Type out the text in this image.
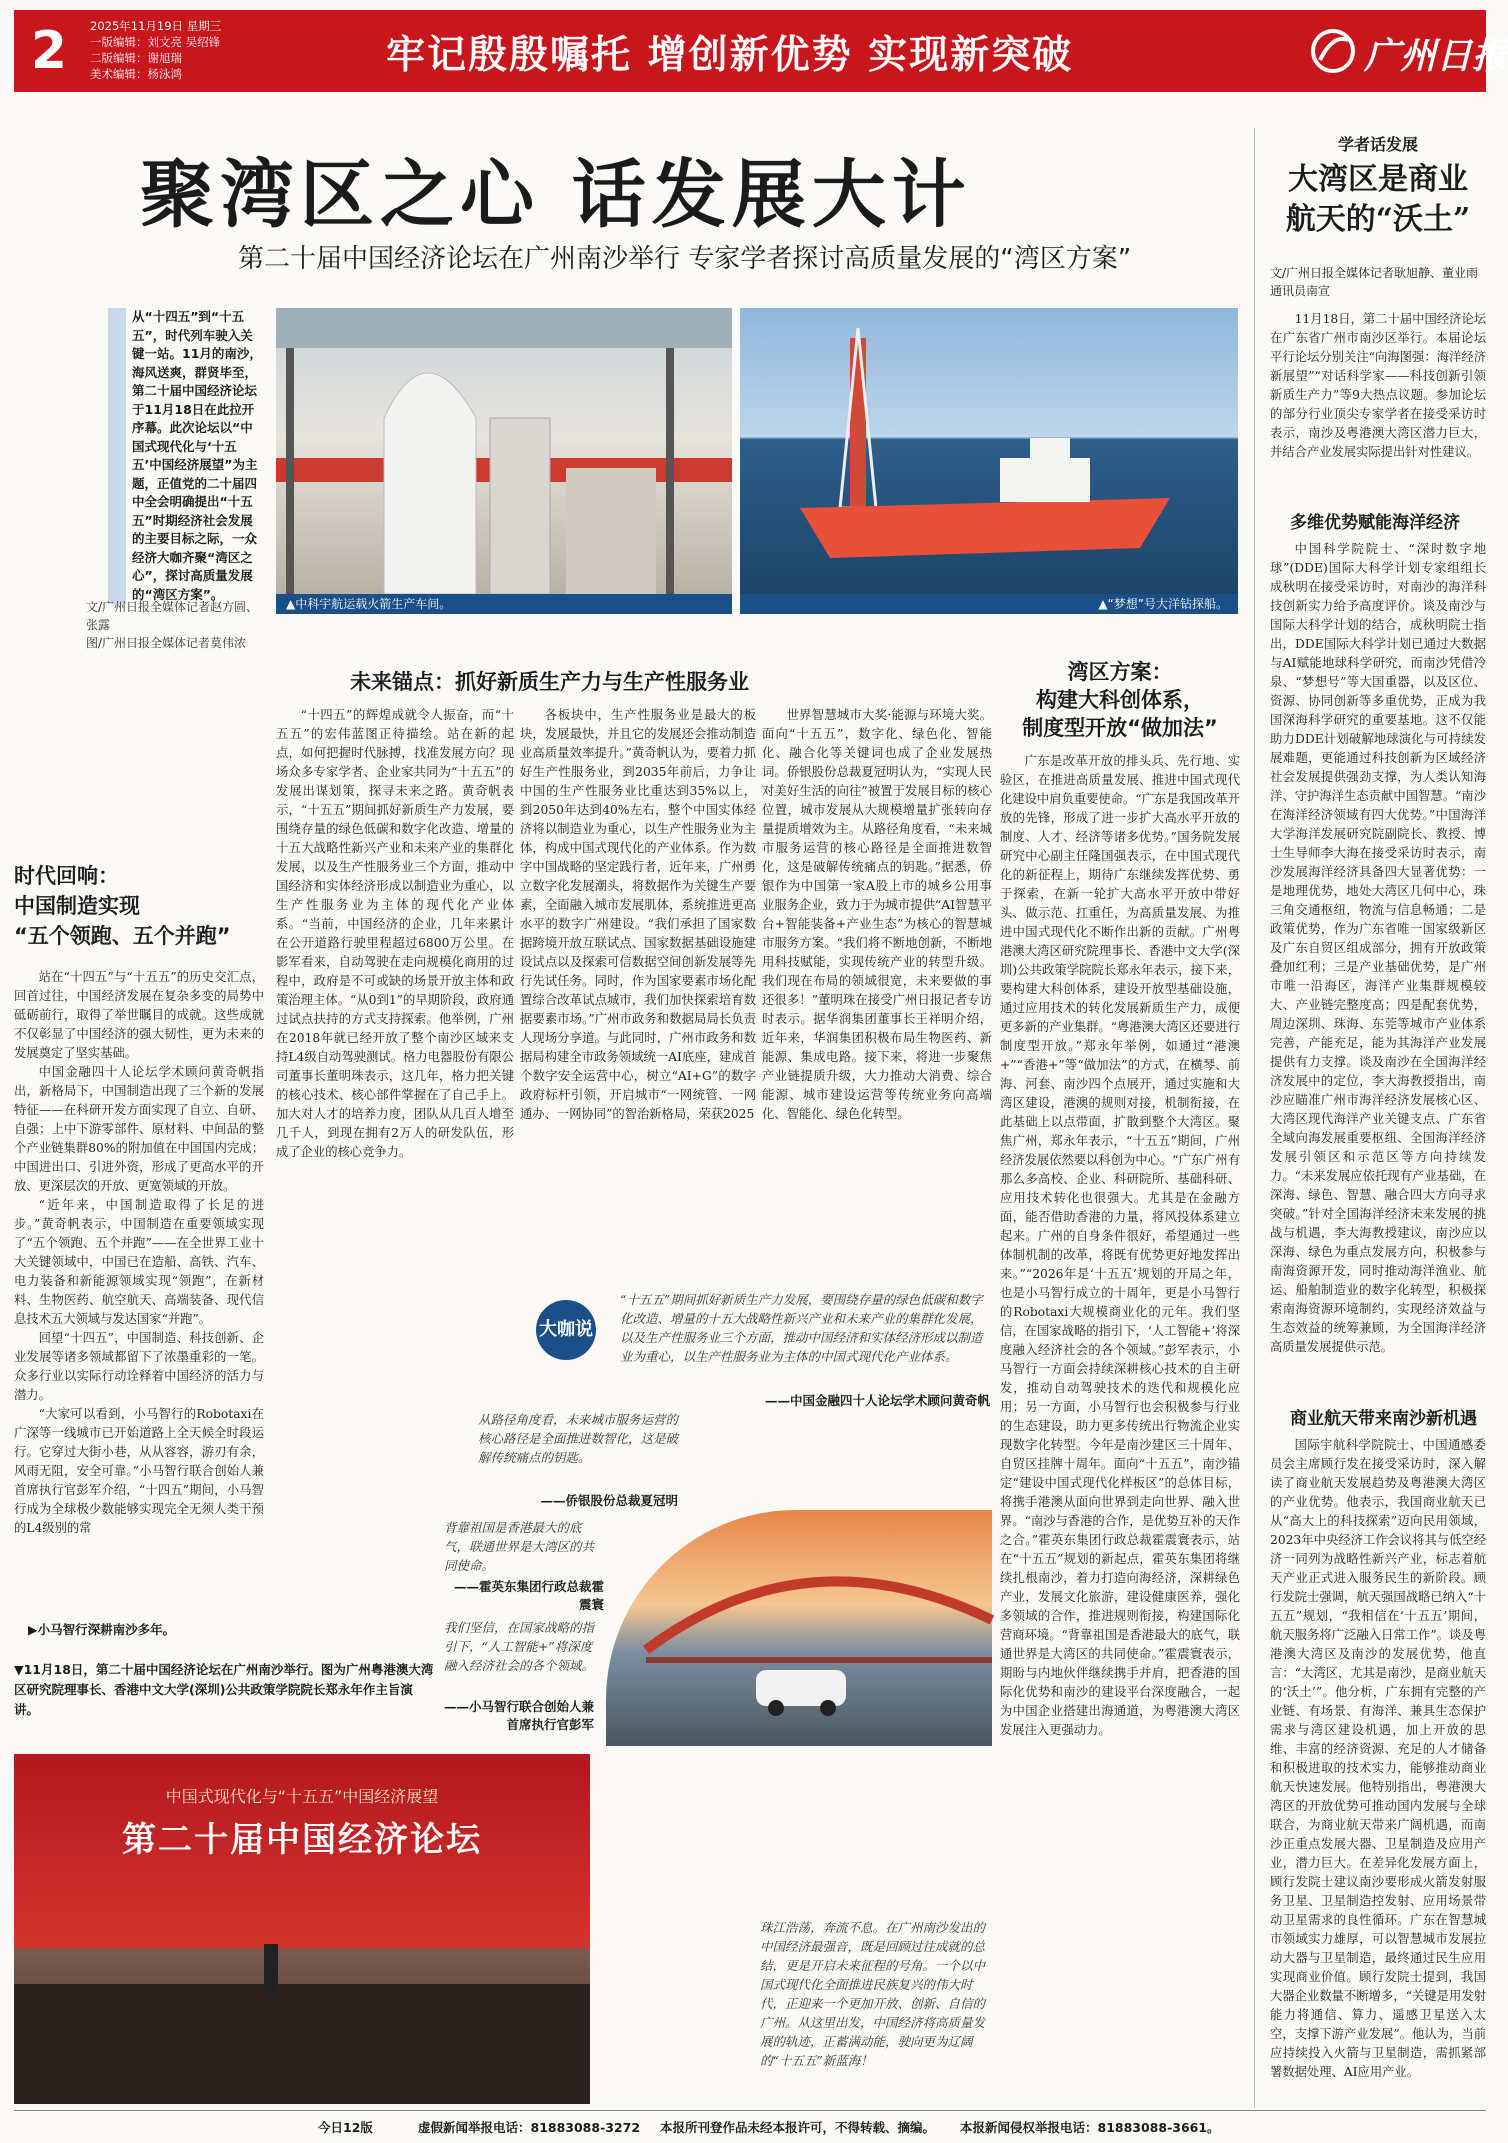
2	2025年11月19日 星期三
一版编辑：刘文亮 吴绍锋
二版编辑：谢旭瑞
美术编辑：杨泳鸿	牢记殷殷嘱托 增创新优势 实现新突破	广州日报
聚湾区之心 话发展大计
第二十届中国经济论坛在广州南沙举行 专家学者探讨高质量发展的“湾区方案”
从“十四五”到“十五五”，时代列车驶入关键一站。11月的南沙，海风送爽，群贤毕至，第二十届中国经济论坛于11月18日在此拉开序幕。此次论坛以“中国式现代化与‘十五五’中国经济展望”为主题，正值党的二十届四中全会明确提出“十五五”时期经济社会发展的主要目标之际，一众经济大咖齐聚“湾区之心”，探讨高质量发展的“湾区方案”。
文/广州日报全媒体记者赵方圆、张露
图/广州日报全媒体记者莫伟浓
▲中科宇航运载火箭生产车间。	▲“梦想”号大洋钻探船。
时代回响：
中国制造实现
“五个领跑、五个并跑”

站在“十四五”与“十五五”的历史交汇点，回首过往，中国经济发展在复杂多变的局势中砥砺前行，取得了举世瞩目的成就。这些成就不仅彰显了中国经济的强大韧性，更为未来的发展奠定了坚实基础。

中国金融四十人论坛学术顾问黄奇帆指出，新格局下，中国制造出现了三个新的发展特征——在科研开发方面实现了自立、自研、自强；上中下游零部件、原材料、中间品的整个产业链集群80%的附加值在中国国内完成；中国进出口、引进外资，形成了更高水平的开放、更深层次的开放、更宽领域的开放。

“近年来，中国制造取得了长足的进步。”黄奇帆表示，中国制造在重要领域实现了“五个领跑、五个并跑”——在全世界工业十大关键领域中，中国已在造船、高铁、汽车、电力装备和新能源领域实现“领跑”，在新材料、生物医药、航空航天、高端装备、现代信息技术五大领域与发达国家“并跑”。

回望“十四五”，中国制造、科技创新、企业发展等诸多领域都留下了浓墨重彩的一笔。众多行业以实际行动诠释着中国经济的活力与潜力。

“大家可以看到，小马智行的Robotaxi在广深等一线城市已开始道路上全天候全时段运行。它穿过大街小巷，从从容容，游刃有余，风雨无阻，安全可靠。”小马智行联合创始人兼首席执行官彭军介绍，“十四五”期间，小马智行成为全球极少数能够实现完全无须人类干预的L4级别的常

未来锚点：抓好新质生产力与生产性服务业

“十四五”的辉煌成就令人振奋，而“十五五”的宏伟蓝图正待描绘。站在新的起点，如何把握时代脉搏，找准发展方向？现场众多专家学者、企业家共同为“十五五”的发展出谋划策，探寻未来之路。黄奇帆表示，“十五五”期间抓好新质生产力发展，要围绕存量的绿色低碳和数字化改造、增量的十五大战略性新兴产业和未来产业的集群化发展，以及生产性服务业三个方面，推动中国经济和实体经济形成以制造业为重心，以生产性服务业为主体的现代化产业体系。“当前，中国经济的企业，几年来累计在公开道路行驶里程超过6800万公里。在影军看来，自动驾驶在走向规模化商用的过程中，政府是不可或缺的场景开放主体和政策治理主体。“从0到1”的早期阶段，政府通过试点扶持的方式支持探索。他举例，广州在2018年就已经开放了整个南沙区域来支持L4级自动驾驶测试。格力电器股份有限公司董事长董明珠表示，这几年，格力把关键的核心技术、核心部件掌握在了自己手上。加大对人才的培养力度，团队从几百人增至几千人，到现在拥有2万人的研发队伍，形成了企业的核心竞争力。

各板块中，生产性服务业是最大的板块，发展最快，并且它的发展还会推动制造业高质量效率提升。”黄奇帆认为，要着力抓好生产性服务业，到2035年前后，力争让中国的生产性服务业比重达到35%以上，到2050年达到40%左右，整个中国实体经济将以制造业为重心，以生产性服务业为主体，构成中国式现代化的产业体系。作为数字中国战略的坚定践行者，近年来，广州勇立数字化发展潮头，将数据作为关键生产要素，全面融入城市发展肌体，系统推进更高水平的数字广州建设。“我们承担了国家数据跨境开放互联试点、国家数据基础设施建设试点以及探索可信数据空间创新发展等先行先试任务。同时，作为国家要素市场化配置综合改革试点城市，我们加快探索培育数据要素市场。”广州市政务和数据局局长负责人现场分享道。与此同时，广州市政务和数据局构建全市政务领域统一AI底座，建成首个数字安全运营中心，树立“AI+G”的数字政府标杆引领，开启城市“一网统管、一网通办、一网协同”的智治新格局，荣获2025

世界智慧城市大奖·能源与环境大奖。面向“十五五”，数字化、绿色化、智能化、融合化等关键词也成了企业发展热词。侨银股份总裁夏冠明认为，“实现人民对美好生活的向往”被置于发展目标的核心位置，城市发展从大规模增量扩张转向存量提质增效为主。从路径角度看，“未来城市服务运营的核心路径是全面推进数智化，这是破解传统痛点的钥匙。”据悉，侨银作为中国第一家A股上市的城乡公用事业服务企业，致力于为城市提供“AI智慧平台+智能装备+产业生态”为核心的智慧城市服务方案。“我们将不断地创新，不断地用科技赋能，实现传统产业的转型升级。我们现在布局的领域很宽，未来要做的事还很多！”董明珠在接受广州日报记者专访时表示。据华润集团董事长王祥明介绍，近年来，华润集团积极布局生物医药、新能源、集成电路。接下来，将进一步聚焦产业链提质升级，大力推动大消费、综合能源、城市建设运营等传统业务向高端化、智能化、绿色化转型。

大咖说
“十五五”期间抓好新质生产力发展，要围绕存量的绿色低碳和数字化改造、增量的十五大战略性新兴产业和未来产业的集群化发展，以及生产性服务业三个方面，推动中国经济和实体经济形成以制造业为重心，以生产性服务业为主体的中国式现代化产业体系。
——中国金融四十人论坛学术顾问黄奇帆
从路径角度看，未来城市服务运营的核心路径是全面推进数智化，这是破解传统痛点的钥匙。
——侨银股份总裁夏冠明
背靠祖国是香港最大的底气，联通世界是大湾区的共同使命。
——霍英东集团行政总裁霍震寰
我们坚信，在国家战略的指引下，“人工智能+”将深度融入经济社会的各个领域。
——小马智行联合创始人兼首席执行官彭军
▶小马智行深耕南沙多年。
▼11月18日，第二十届中国经济论坛在广州南沙举行。图为广州粤港澳大湾区研究院理事长、香港中文大学(深圳)公共政策学院院长郑永年作主旨演讲。
中国式现代化与“十五五”中国经济展望
第二十届中国经济论坛
珠江浩荡，奔流不息。在广州南沙发出的中国经济最强音，既是回顾过往成就的总结，更是开启未来征程的号角。一个以中国式现代化全面推进民族复兴的伟大时代，正迎来一个更加开放、创新、自信的广州。从这里出发，中国经济将高质量发展的轨迹，正蓄满动能，驶向更为辽阔的“十五五”新蓝海！
湾区方案：
构建大科创体系，
制度型开放“做加法”

广东是改革开放的排头兵、先行地、实验区，在推进高质量发展、推进中国式现代化建设中肩负重要使命。“广东是我国改革开放的先锋，形成了进一步扩大高水平开放的制度、人才、经济等诸多优势。”国务院发展研究中心副主任隆国强表示，在中国式现代化的新征程上，期待广东继续发挥优势、勇于探索，在新一轮扩大高水平开放中带好头、做示范、扛重任，为高质量发展、为推进中国式现代化不断作出新的贡献。广州粤港澳大湾区研究院理事长、香港中文大学(深圳)公共政策学院院长郑永年表示，接下来，要构建大科创体系，建设开放型基础设施，通过应用技术的转化发展新质生产力，成便更多新的产业集群。“粤港澳大湾区还要进行制度型开放。”郑永年举例，如通过“港澳+”“香港+”等“做加法”的方式，在横琴、前海、河套、南沙四个点展开，通过实施和大湾区建设，港澳的规则对接，机制衔接，在此基础上以点带面，扩散到整个大湾区。聚焦广州，郑永年表示，“十五五”期间，广州经济发展依然要以科创为中心。“广东广州有那么多高校、企业、科研院所、基础科研、应用技术转化也很强大。尤其是在金融方面，能否借助香港的力量，将风投体系建立起来。广州的自身条件很好，希望通过一些体制机制的改革，将既有优势更好地发挥出来。”“2026年是‘十五五’规划的开局之年，也是小马智行成立的十周年，更是小马智行的Robotaxi大规模商业化的元年。我们坚信，在国家战略的指引下，‘人工智能+’将深度融入经济社会的各个领域。”彭军表示，小马智行一方面会持续深耕核心技术的自主研发，推动自动驾驶技术的迭代和规模化应用；另一方面，小马智行也会积极参与行业的生态建设，助力更多传统出行物流企业实现数字化转型。今年是南沙建区三十周年、自贸区挂牌十周年。面向“十五五”，南沙锚定“建设中国式现代化样板区”的总体目标，将携手港澳从面向世界到走向世界、融入世界。“南沙与香港的合作，是优势互补的天作之合。”霍英东集团行政总裁霍震寰表示，站在“十五五”规划的新起点，霍英东集团将继续扎根南沙，着力打造向海经济，深耕绿色产业，发展文化旅游，建设健康医养，强化多领域的合作，推进规则衔接，构建国际化营商环境。“背靠祖国是香港最大的底气，联通世界是大湾区的共同使命。”霍震寰表示，期盼与内地伙伴继续携手并肩，把香港的国际化优势和南沙的建设平台深度融合，一起为中国企业搭建出海通道，为粤港澳大湾区发展注入更强动力。

学者话发展
大湾区是商业
航天的“沃土”
文/广州日报全媒体记者耿旭静、董业雨 通讯员南宣

11月18日，第二十届中国经济论坛在广东省广州市南沙区举行。本届论坛平行论坛分别关注“向海图强：海洋经济新展望”“对话科学家——科技创新引领新质生产力”等9大热点议题。参加论坛的部分行业顶尖专家学者在接受采访时表示，南沙及粤港澳大湾区潜力巨大，并结合产业发展实际提出针对性建议。

多维优势赋能海洋经济

中国科学院院士、“深时数字地球”(DDE)国际大科学计划专家组组长成秋明在接受采访时，对南沙的海洋科技创新实力给予高度评价。谈及南沙与国际大科学计划的结合，成秋明院士指出，DDE国际大科学计划已通过大数据与AI赋能地球科学研究，而南沙凭借冷泉、“梦想号”等大国重器，以及区位、资源、协同创新等多重优势，正成为我国深海科学研究的重要基地。这不仅能助力DDE计划破解地球演化与可持续发展难题，更能通过科技创新为区域经济社会发展提供强劲支撑，为人类认知海洋、守护海洋生态贡献中国智慧。“南沙在海洋经济领域有四大优势。”中国海洋大学海洋发展研究院副院长、教授、博士生导师李大海在接受采访时表示，南沙发展海洋经济具备四大显著优势：一是地理优势，地处大湾区几何中心，珠三角交通枢纽，物流与信息畅通；二是政策优势，作为广东省唯一国家级新区及广东自贸区组成部分，拥有开放政策叠加红利；三是产业基础优势，是广州市唯一沿海区，海洋产业集群规模较大、产业链完整度高；四是配套优势，周边深圳、珠海、东莞等城市产业体系完善，产能充足，能为其海洋产业发展提供有力支撑。谈及南沙在全国海洋经济发展中的定位，李大海教授指出，南沙应瞄准广州市海洋经济发展核心区、大湾区现代海洋产业关键支点、广东省全域向海发展重要枢纽、全国海洋经济发展引领区和示范区等方向持续发力。“未来发展应依托现有产业基础，在深海、绿色、智慧、融合四大方向寻求突破。”针对全国海洋经济未来发展的挑战与机遇，李大海教授建议，南沙应以深海、绿色为重点发展方向，积极参与南海资源开发，同时推动海洋渔业、航运、船舶制造业的数字化转型，积极探索南海资源环境制约，实现经济效益与生态效益的统筹兼顾，为全国海洋经济高质量发展提供示范。

商业航天带来南沙新机遇

国际宇航科学院院士、中国通感委员会主席顾行发在接受采访时，深入解读了商业航天发展趋势及粤港澳大湾区的产业优势。他表示，我国商业航天已从“高大上的科技探索”迈向民用领域，2023年中央经济工作会议将其与低空经济一同列为战略性新兴产业，标志着航天产业正式进入服务民生的新阶段。顾行发院士强调，航天强国战略已纳入“十五五”规划，“我相信在‘十五五’期间，航天服务将广泛融入日常工作”。谈及粤港澳大湾区及南沙的发展优势，他直言：“大湾区，尤其是南沙，是商业航天的‘沃土’”。他分析，广东拥有完整的产业链、有场景、有海洋、兼具生态保护需求与湾区建设机遇，加上开放的思维、丰富的经济资源、充足的人才储备和积极进取的技术实力，能够推动商业航天快速发展。他特别指出，粤港澳大湾区的开放优势可推动国内发展与全球联合，为商业航天带来广阔机遇，而南沙正重点发展大器、卫星制造及应用产业，潜力巨大。在差异化发展方面上，顾行发院士建议南沙要形成火箭发射服务卫星、卫星制造控发射、应用场景带动卫星需求的良性循环。广东在智慧城市领域实力雄厚，可以智慧城市发展拉动大器与卫星制造，最终通过民生应用实现商业价值。顾行发院士提到，我国大器企业数量不断增多，“关键是用发射能力将通信、算力、遥感卫星送入太空，支撑下游产业发展”。他认为，当前应持续投入火箭与卫星制造，需抓紧部署数据处理、AI应用产业。

今日12版	虚假新闻举报电话：81883088-3272 本报所刊登作品未经本报许可，不得转载、摘编。 本报新闻侵权举报电话：81883088-3661。
